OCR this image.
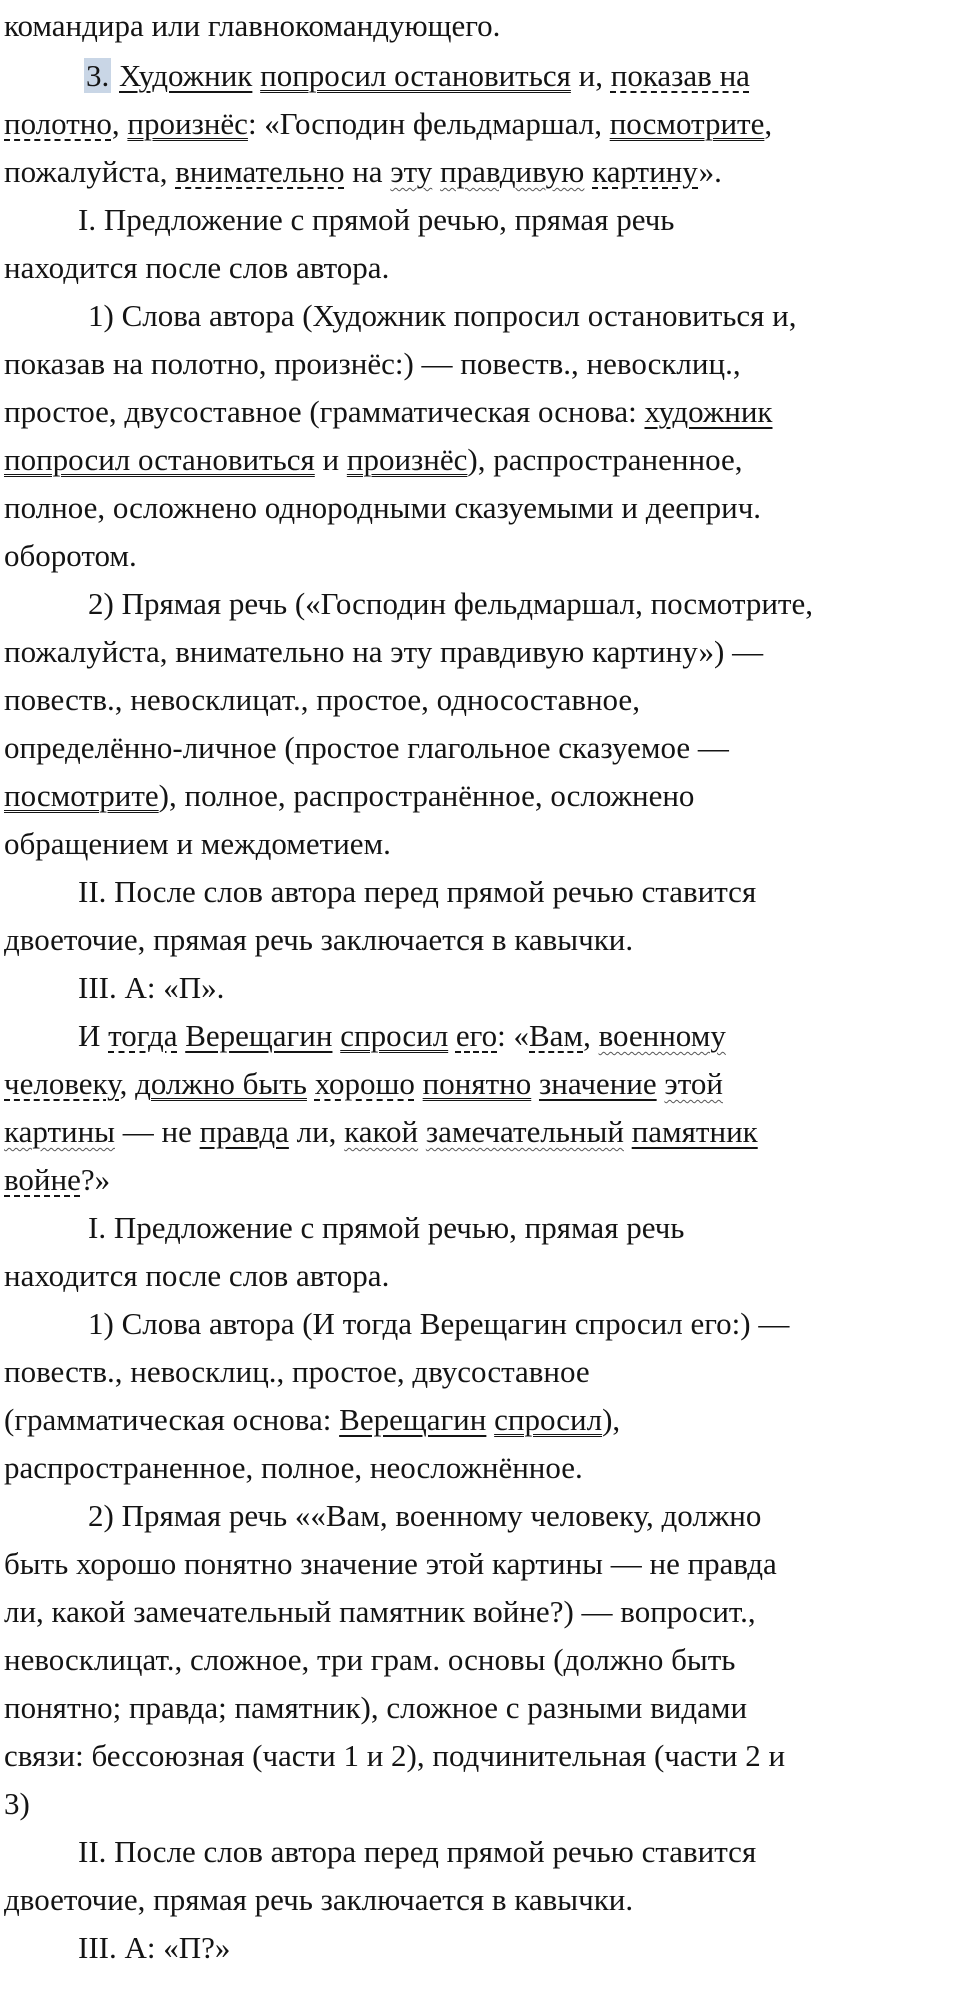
командира или главнокомандующего.
3. Художник попросил остановиться и, показав на
полотно, произнёс: «Господин фельдмаршал, посмотрите,
пожалуйста, внимательно на эту правдивую картину».
I. Предложение с прямой речью, прямая речь
находится после слов автора.
1) Слова автора (Художник попросил остановиться и,
показав на полотно, произнёс:) — повеств., невосклиц.,
простое, двусоставное (грамматическая основа: художник
попросил остановиться и произнёс), распространенное,
полное, осложнено однородными сказуемыми и дееприч.
оборотом.
2) Прямая речь («Господин фельдмаршал, посмотрите,
пожалуйста, внимательно на эту правдивую картину») —
повеств., невосклицат., простое, односоставное,
определённо-личное (простое глагольное сказуемое —
посмотрите), полное, распространённое, осложнено
обращением и междометием.
II. После слов автора перед прямой речью ставится
двоеточие, прямая речь заключается в кавычки.
III. А: «П».
И тогда Верещагин спросил его: «Вам, военному
человеку, должно быть хорошо понятно значение этой
картины — не правда ли, какой замечательный памятник
войне?»
I. Предложение с прямой речью, прямая речь
находится после слов автора.
1) Слова автора (И тогда Верещагин спросил его:) —
повеств., невосклиц., простое, двусоставное
(грамматическая основа: Верещагин спросил),
распространенное, полное, неосложнённое.
2) Прямая речь ««Вам, военному человеку, должно
быть хорошо понятно значение этой картины — не правда
ли, какой замечательный памятник войне?) — вопросит.,
невосклицат., сложное, три грам. основы (должно быть
понятно; правда; памятник), сложное с разными видами
связи: бессоюзная (части 1 и 2), подчинительная (части 2 и
3)
II. После слов автора перед прямой речью ставится
двоеточие, прямая речь заключается в кавычки.
III. А: «П?»
